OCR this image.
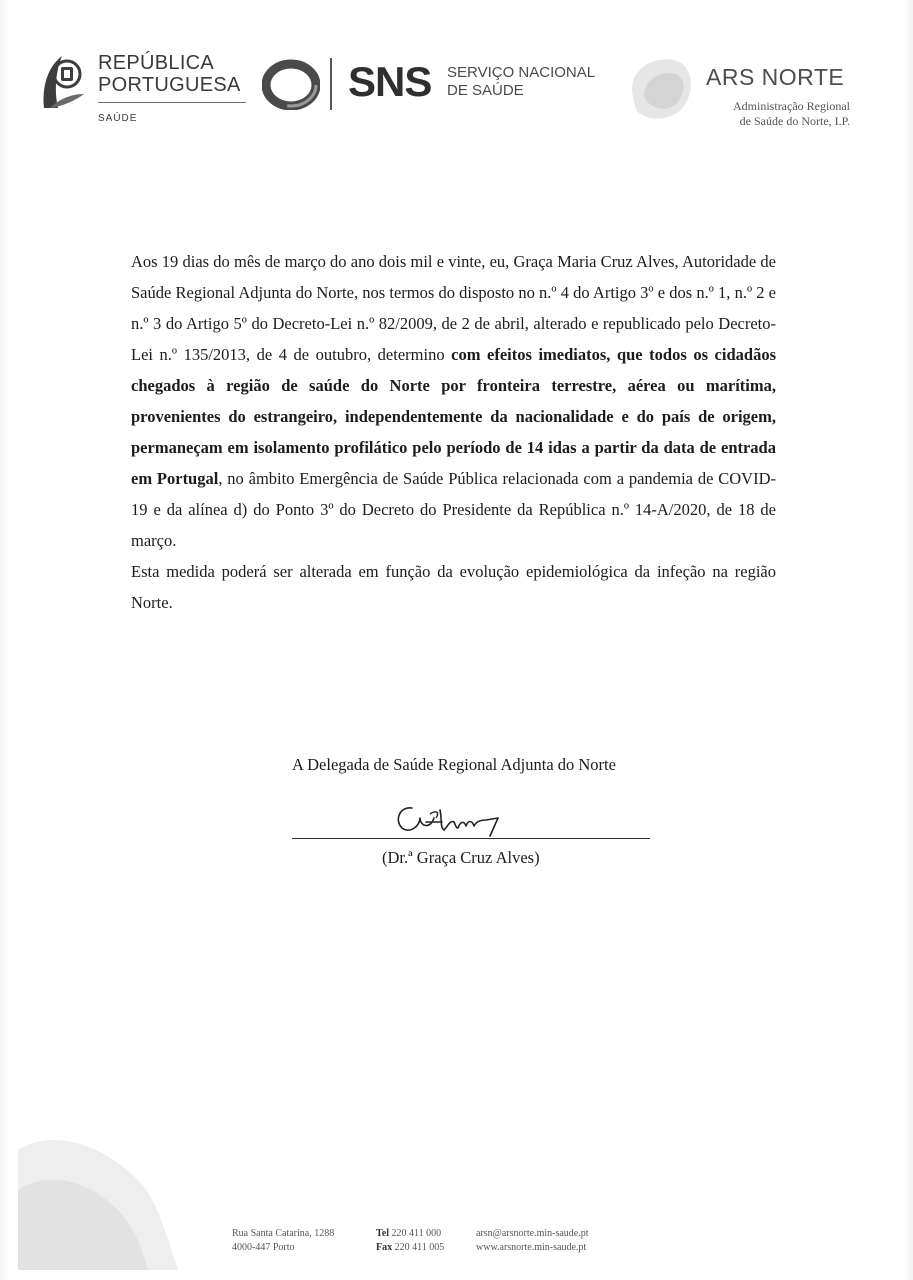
REPÚBLICA
PORTUGUESA
SAÚDE
SNS SERVIÇO NACIONAL
DE SAÚDE
ARS NORTE
Administração Regional
de Saúde do Norte, I.P.

Aos 19 dias do mês de março do ano dois mil e vinte, eu, Graça Maria Cruz Alves, Autoridade de Saúde Regional Adjunta do Norte, nos termos do disposto no n.º 4 do Artigo 3º e dos n.º 1, n.º 2 e n.º 3 do Artigo 5º do Decreto-Lei n.º 82/2009, de 2 de abril, alterado e republicado pelo Decreto-Lei n.º 135/2013, de 4 de outubro, determino com efeitos imediatos, que todos os cidadãos chegados à região de saúde do Norte por fronteira terrestre, aérea ou marítima, provenientes do estrangeiro, independentemente da nacionalidade e do país de origem, permaneçam em isolamento profilático pelo período de 14 idas a partir da data de entrada em Portugal, no âmbito Emergência de Saúde Pública relacionada com a pandemia de COVID-19 e da alínea d) do Ponto 3º do Decreto do Presidente da República n.º 14-A/2020, de 18 de março.

Esta medida poderá ser alterada em função da evolução epidemiológica da infeção na região Norte.

A Delegada de Saúde Regional Adjunta do Norte
(Dr.ª Graça Cruz Alves)
Rua Santa Catarina, 1288
4000-447 Porto
Tel 220 411 000
Fax 220 411 005
arsn@arsnorte.min-saude.pt
www.arsnorte.min-saude.pt
